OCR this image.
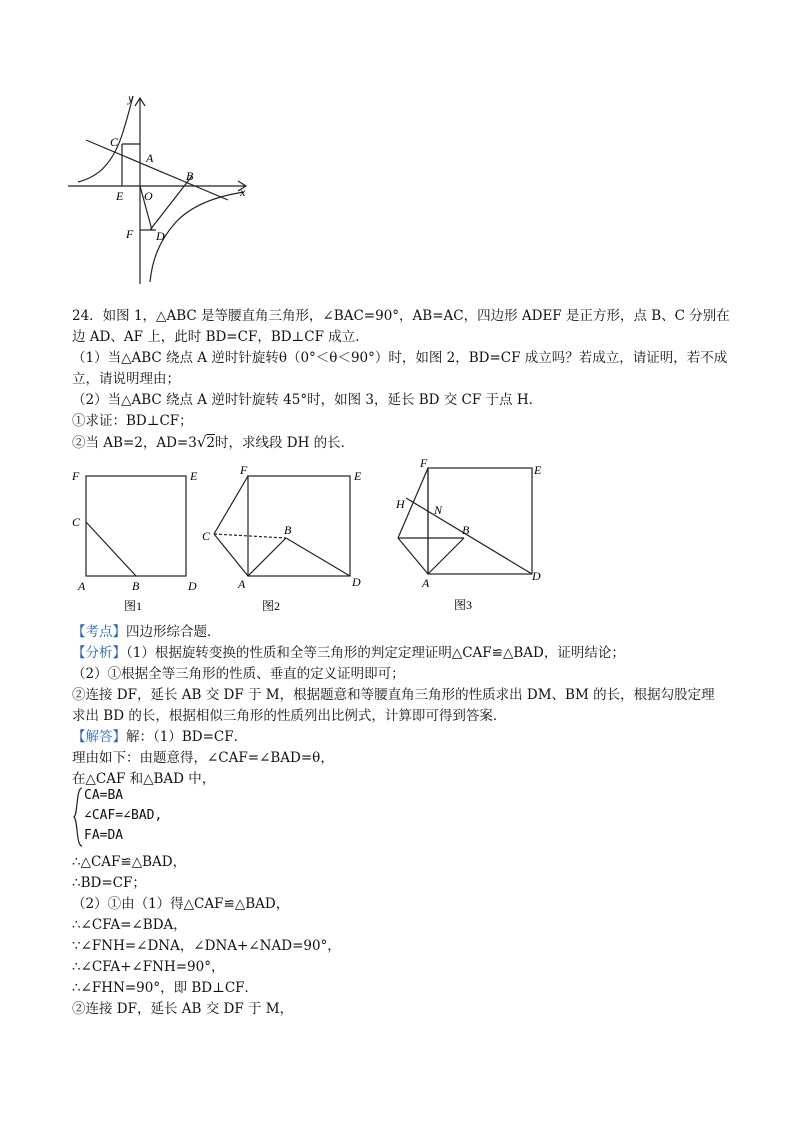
y
x
C
A
E O
B
F D
24．如图 1，△ABC 是等腰直角三角形，∠BAC=90°，AB=AC，四边形 ADEF 是正方形，点 B、C 分别在
边 AD、AF 上，此时 BD=CF，BD⊥CF 成立．
（1）当△ABC 绕点 A 逆时针旋转θ（0°＜θ＜90°）时，如图 2，BD=CF 成立吗？若成立，请证明，若不成
立，请说明理由；
（2）当△ABC 绕点 A 逆时针旋转 45°时，如图 3，延长 BD 交 CF 于点 H．
①求证：BD⊥CF；
②当 AB=2，AD=3√2时，求线段 DH 的长．
F	E
C
A	B	D
图1
F	E
C	B
A	D
图2
F	E
H N
B
A	D
图3
【考点】四边形综合题．
【分析】（1）根据旋转变换的性质和全等三角形的判定定理证明△CAF≌△BAD，证明结论；
（2）①根据全等三角形的性质、垂直的定义证明即可；
②连接 DF，延长 AB 交 DF 于 M，根据题意和等腰直角三角形的性质求出 DM、BM 的长，根据勾股定理
求出 BD 的长，根据相似三角形的性质列出比例式，计算即可得到答案．
【解答】解：（1）BD=CF．
理由如下：由题意得，∠CAF=∠BAD=θ，
在△CAF 和△BAD 中，
CA=BA
∠CAF=∠BAD,
FA=DA
∴△CAF≌△BAD，
∴BD=CF；
（2）①由（1）得△CAF≌△BAD，
∴∠CFA=∠BDA，
∵∠FNH=∠DNA，∠DNA+∠NAD=90°，
∴∠CFA+∠FNH=90°，
∴∠FHN=90°，即 BD⊥CF．
②连接 DF，延长 AB 交 DF 于 M，
